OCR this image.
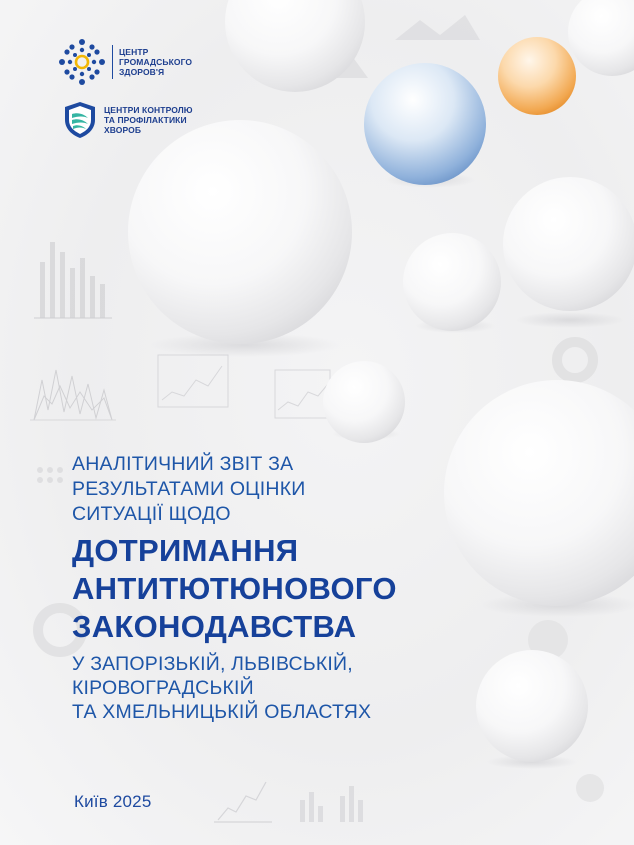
ЦЕНТР
ГРОМАДСЬКОГО
ЗДОРОВ'Я
ЦЕНТРИ КОНТРОЛЮ
ТА ПРОФІЛАКТИКИ
ХВОРОБ
АНАЛІТИЧНИЙ ЗВІТ ЗА
РЕЗУЛЬТАТАМИ ОЦІНКИ
СИТУАЦІЇ ЩОДО
ДОТРИМАННЯ
АНТИТЮТЮНОВОГО
ЗАКОНОДАВСТВА
У ЗАПОРІЗЬКІЙ, ЛЬВІВСЬКІЙ,
КІРОВОГРАДСЬКІЙ
ТА ХМЕЛЬНИЦЬКІЙ ОБЛАСТЯХ
Київ 2025
